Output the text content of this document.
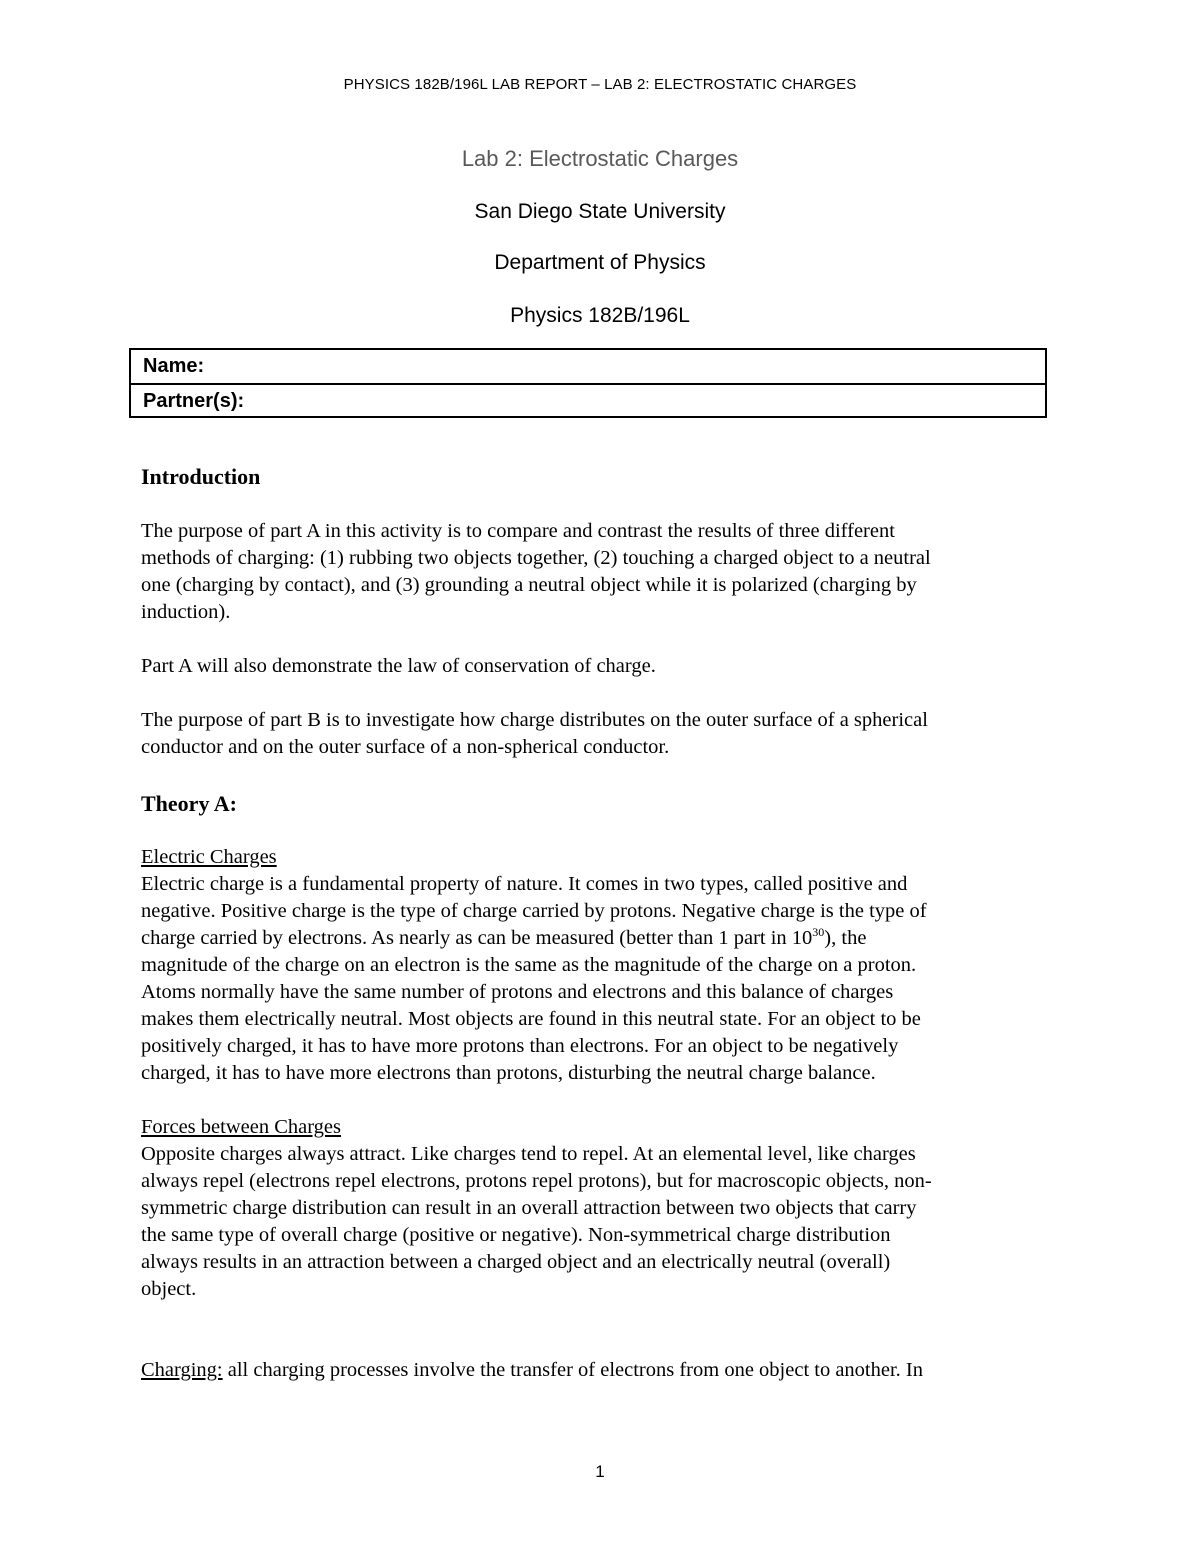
PHYSICS 182B/196L LAB REPORT – LAB 2: ELECTROSTATIC CHARGES
Lab 2: Electrostatic Charges
San Diego State University
Department of Physics
Physics 182B/196L
Name:
Partner(s):
Introduction

The purpose of part A in this activity is to compare and contrast the results of three different
methods of charging: (1) rubbing two objects together, (2) touching a charged object to a neutral
one (charging by contact), and (3) grounding a neutral object while it is polarized (charging by
induction).

Part A will also demonstrate the law of conservation of charge.

The purpose of part B is to investigate how charge distributes on the outer surface of a spherical
conductor and on the outer surface of a non-spherical conductor.

Theory A:

Electric Charges
Electric charge is a fundamental property of nature. It comes in two types, called positive and
negative. Positive charge is the type of charge carried by protons. Negative charge is the type of
charge carried by electrons. As nearly as can be measured (better than 1 part in $10^{30}$), the
magnitude of the charge on an electron is the same as the magnitude of the charge on a proton.
Atoms normally have the same number of protons and electrons and this balance of charges
makes them electrically neutral. Most objects are found in this neutral state. For an object to be
positively charged, it has to have more protons than electrons. For an object to be negatively
charged, it has to have more electrons than protons, disturbing the neutral charge balance.

Forces between Charges
Opposite charges always attract. Like charges tend to repel. At an elemental level, like charges
always repel (electrons repel electrons, protons repel protons), but for macroscopic objects, non-
symmetric charge distribution can result in an overall attraction between two objects that carry
the same type of overall charge (positive or negative). Non-symmetrical charge distribution
always results in an attraction between a charged object and an electrically neutral (overall)
object.

Charging: all charging processes involve the transfer of electrons from one object to another. In

1
